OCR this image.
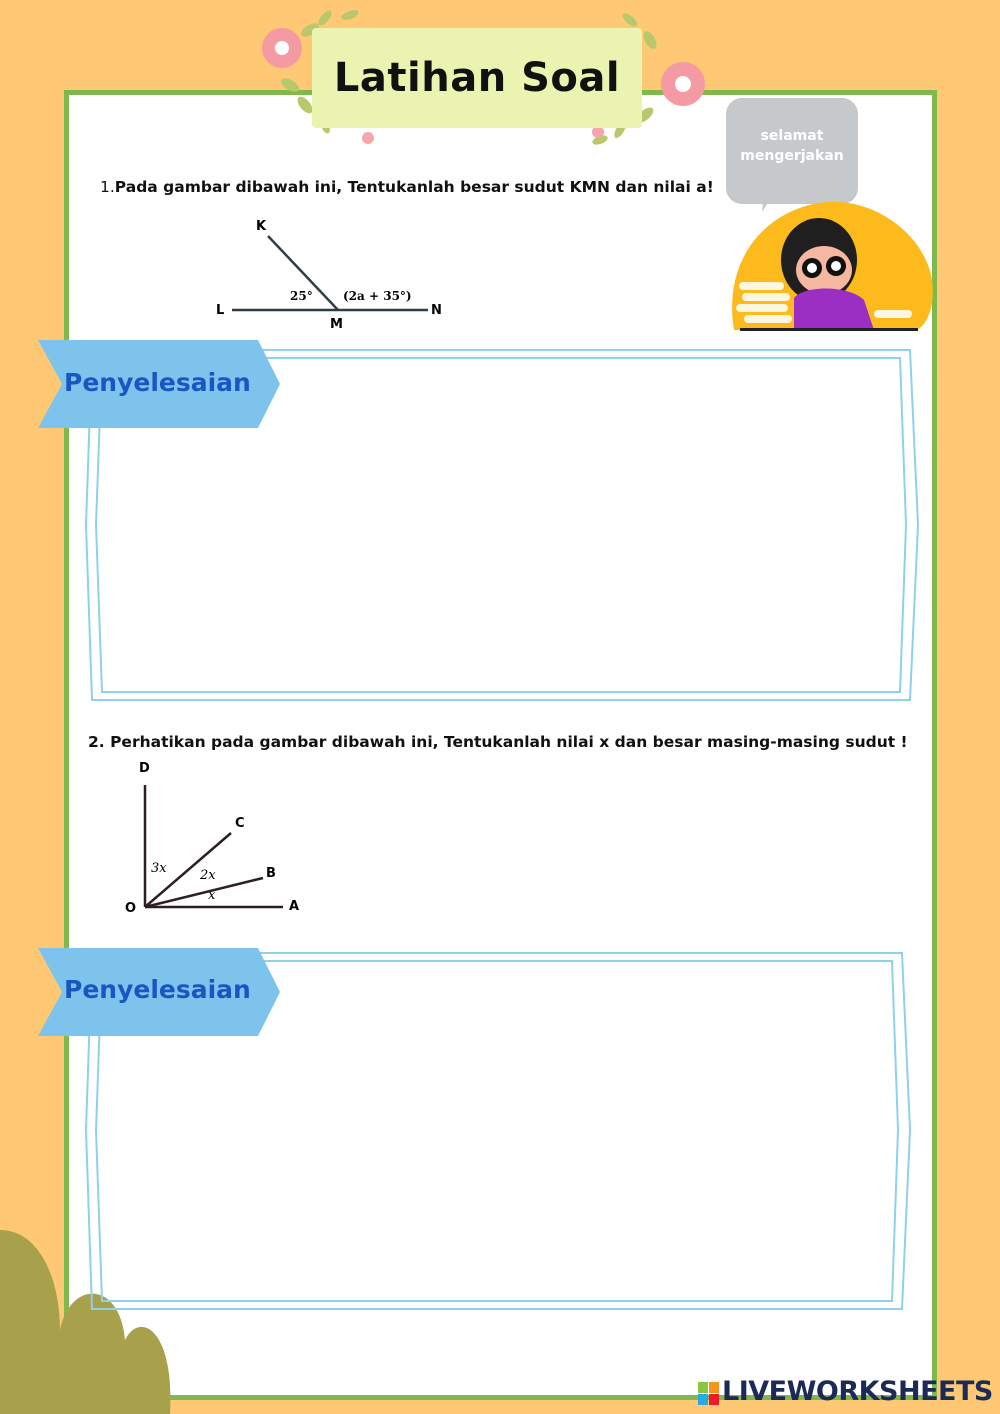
Latihan Soal
selamat
mengerjakan
1.Pada gambar dibawah ini, Tentukanlah besar sudut KMN dan nilai a!
K
L
M
N
25°	(2a + 35°)
Penyelesaian
2. Perhatikan pada gambar dibawah ini, Tentukanlah nilai x dan besar masing-masing sudut !
D
C
B
O	A
3x	2x
x
Penyelesaian
LIVEWORKSHEETS
